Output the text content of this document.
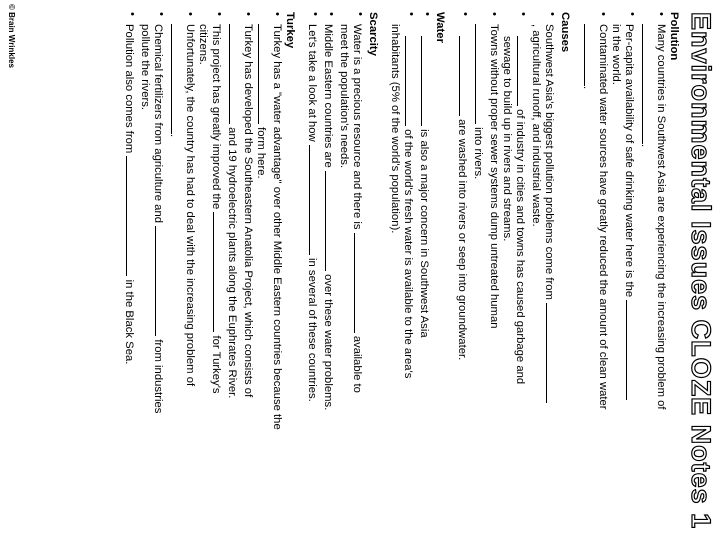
Environmental Issues CLOZE Notes 1

Pollution

• Many countries in Southwest Asia are experiencing the increasing problem of

.

• Per-capita availability of safe drinking water here is the

in the world.

• Contaminated water sources have greatly reduced the amount of clean water

.

Causes

• Southwest Asia's biggest pollution problems come from

, agricultural runoff, and industrial waste.

• of industry in cities and towns has caused garbage and

sewage to build up in rivers and streams.

• Towns without proper sewer systems dump untreated human

into rivers.

• are washed into rivers or seep into groundwater.

Water

• is also a major concern in Southwest Asia

• of the world's fresh water is available to the area's

inhabitants (5% of the world's population).

Scarcity

• Water is a precious resource and there is  available to

meet the population's needs.

• Middle Eastern countries are  over these water problems.

• Let's take a look at how  in several of these countries.

Turkey

• Turkey has a "water advantage" over other Middle Eastern countries because the

form here.

• Turkey has developed the Southeastern Anatolia Project, which consists of

and 19 hydroelectric plants along the Euphrates River.

• This project has greatly improved the  for Turkey's

citizens.

• Unfortunately, the country has had to deal with the increasing problem of

.

• Chemical fertilizers from agriculture and  from industries

pollute the rivers.

• Pollution also comes from  in the Black Sea.

© Brain Wrinkles
